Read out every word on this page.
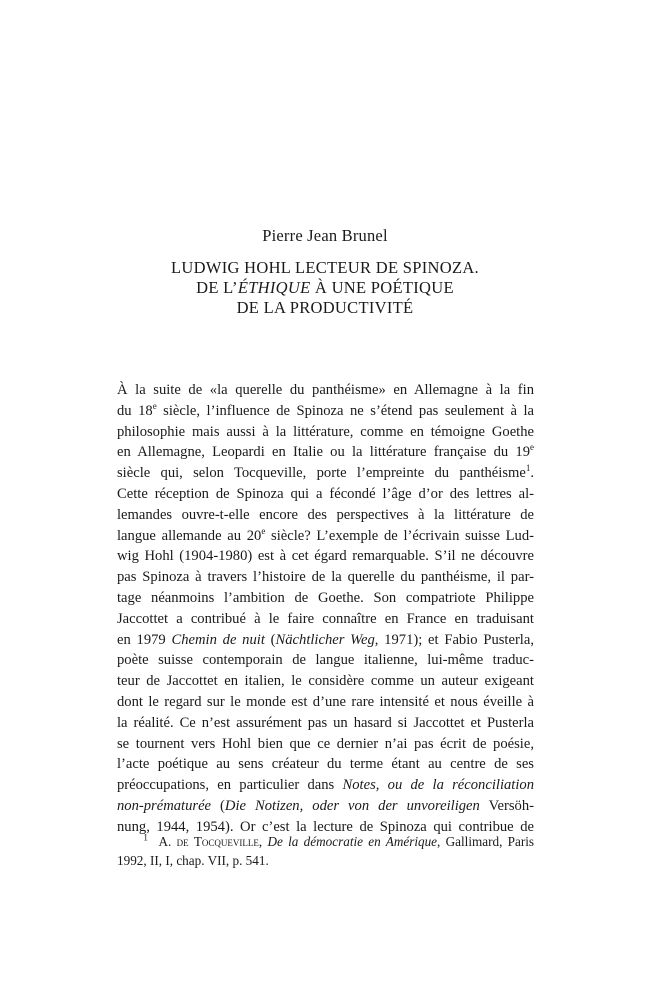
Pierre Jean Brunel
LUDWIG HOHL LECTEUR DE SPINOZA.
DE L’ÉTHIQUE À UNE POÉTIQUE
DE LA PRODUCTIVITÉ
À la suite de «la querelle du panthéisme» en Allemagne à la fin
du 18e siècle, l’influence de Spinoza ne s’étend pas seulement à la
philosophie mais aussi à la littérature, comme en témoigne Goethe
en Allemagne, Leopardi en Italie ou la littérature française du 19e
siècle qui, selon Tocqueville, porte l’empreinte du panthéisme$^1$.
Cette réception de Spinoza qui a fécondé l’âge d’or des lettres al-
lemandes ouvre-t-elle encore des perspectives à la littérature de
langue allemande au 20e siècle? L’exemple de l’écrivain suisse Lud-
wig Hohl (1904-1980) est à cet égard remarquable. S’il ne découvre
pas Spinoza à travers l’histoire de la querelle du panthéisme, il par-
tage néanmoins l’ambition de Goethe. Son compatriote Philippe
Jaccottet a contribué à le faire connaître en France en traduisant
en 1979 Chemin de nuit (Nächtlicher Weg, 1971); et Fabio Pusterla,
poète suisse contemporain de langue italienne, lui-même traduc-
teur de Jaccottet en italien, le considère comme un auteur exigeant
dont le regard sur le monde est d’une rare intensité et nous éveille à
la réalité. Ce n’est assurément pas un hasard si Jaccottet et Pusterla
se tournent vers Hohl bien que ce dernier n’ai pas écrit de poésie,
l’acte poétique au sens créateur du terme étant au centre de ses
préoccupations, en particulier dans Notes, ou de la réconciliation
non-prématurée (Die Notizen, oder von der unvoreiligen Versöh-
nung, 1944, 1954). Or c’est la lecture de Spinoza qui contribue de
$^1$ A. de Tocqueville, De la démocratie en Amérique, Gallimard, Paris
1992, II, I, chap. VII, p. 541.
